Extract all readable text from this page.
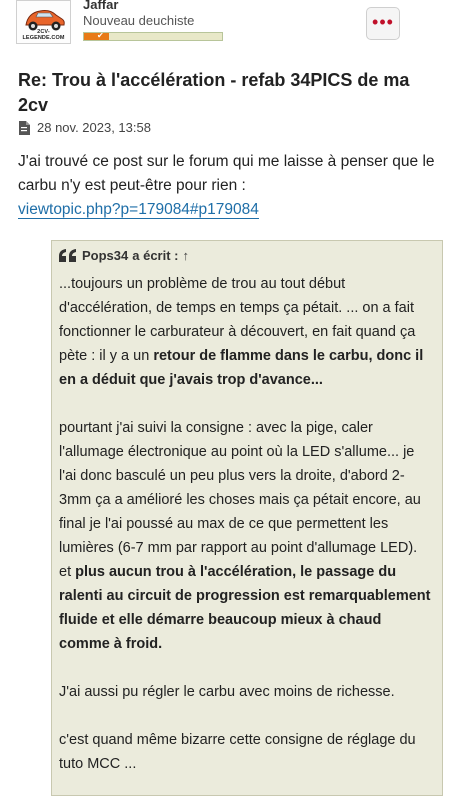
2CV-LEGENDE.COM
Jaffar
Nouveau deuchiste
✔
•••
Re: Trou à l'accélération - refab 34PICS de ma 2cv
28 nov. 2023, 13:58
J'ai trouvé ce post sur le forum qui me laisse à penser que le carbu n'y est peut-être pour rien :
viewtopic.php?p=179084#p179084
Pops34 a écrit : ↑

...toujours un problème de trou au tout début d'accélération, de temps en temps ça pétait. ... on a fait fonctionner le carburateur à découvert, en fait quand ça pète : il y a un retour de flamme dans le carbu, donc il en a déduit que j'avais trop d'avance...

pourtant j'ai suivi la consigne : avec la pige, caler l'allumage électronique au point où la LED s'allume... je l'ai donc basculé un peu plus vers la droite, d'abord 2-3mm ça a amélioré les choses mais ça pétait encore, au final je l'ai poussé au max de ce que permettent les lumières (6-7 mm par rapport au point d'allumage LED). et plus aucun trou à l'accélération, le passage du ralenti au circuit de progression est remarquablement fluide et elle démarre beaucoup mieux à chaud comme à froid.

J'ai aussi pu régler le carbu avec moins de richesse.

c'est quand même bizarre cette consigne de réglage du tuto MCC ...
